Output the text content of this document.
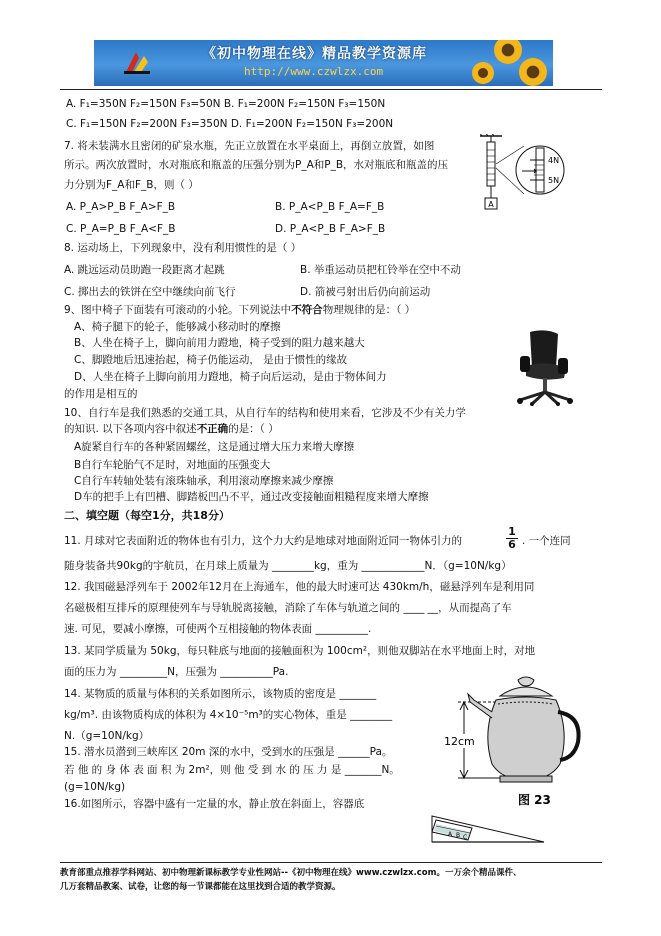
《初中物理在线》精品教学资源库
http://www.czwlzx.com
A. F₁=350N F₂=150N F₃=50N B. F₁=200N F₂=150N F₃=150N
C. F₁=150N F₂=200N F₃=350N D. F₁=200N F₂=150N F₃=200N
7. 将未装满水且密闭的矿泉水瓶，先正立放置在水平桌面上，再倒立放置，如图
所示。两次放置时，水对瓶底和瓶盖的压强分别为P_A和P_B，水对瓶底和瓶盖的压
力分别为F_A和F_B，则（ ）
A. P_A>P_B F_A>F_B	B. P_A<P_B F_A=F_B
C. P_A=P_B F_A<F_B	D. P_A<P_B F_A>F_B
A
4N
5N
8. 运动场上，下列现象中，没有利用惯性的是（ ）
A. 跳远运动员助跑一段距离才起跳	B. 举重运动员把杠铃举在空中不动
C. 掷出去的铁饼在空中继续向前飞行	D. 箭被弓射出后仍向前运动
9、图中椅子下面装有可滚动的小轮。下列说法中不符合物理规律的是：（ ）
A、椅子腿下的轮子，能够减小移动时的摩擦
B、人坐在椅子上，脚向前用力蹬地，椅子受到的阻力越来越大
C、脚蹬地后迅速抬起，椅子仍能运动， 是由于惯性的缘故
D、人坐在椅子上脚向前用力蹬地，椅子向后运动，是由于物体间力
的作用是相互的
10、自行车是我们熟悉的交通工具，从自行车的结构和使用来看，它涉及不少有关力学
的知识. 以下各项内容中叙述不正确的是：（ ）
A旋紧自行车的各种紧固螺丝，这是通过增大压力来增大摩擦
B自行车轮胎气不足时，对地面的压强变大
C自行车转轴处装有滚珠轴承，利用滚动摩擦来减少摩擦
D车的把手上有凹槽、脚踏板凹凸不平，通过改变接触面粗糙程度来增大摩擦
二、填空题（每空1分，共18分）
11. 月球对它表面附近的物体也有引力，这个力大约是地球对地面附近同一物体引力的	$\frac{1}{6}$ . 一个连同
随身装备共90kg的宇航员，在月球上质量为 ________kg，重为 ____________N．（g=10N/kg）
12. 我国磁悬浮列车于 2002年12月在上海通车，他的最大时速可达 430km/h，磁悬浮列车是利用同
名磁极相互排斥的原理使列车与导轨脱离接触，消除了车体与轨道之间的 ____ __，从而提高了车
速. 可见，要减小摩擦，可使两个互相接触的物体表面 __________.
13. 某同学质量为 50kg，每只鞋底与地面的接触面积为 100cm²，则他双脚站在水平地面上时，对地
面的压力为 _________N，压强为 __________Pa.
14. 某物质的质量与体积的关系如图所示，该物质的密度是 _______
kg/m³. 由该物质构成的体积为 4×10⁻⁵m³的实心物体，重是 ________
N.（g=10N/kg）
15. 潜水员潜到三峡库区 20m 深的水中，受到水的压强是 ______Pa。
若 他 的 身 体 表 面 积 为 2m²，则 他 受 到 水 的 压 力 是 _______N。
(g=10N/kg)
16.如图所示，容器中盛有一定量的水，静止放在斜面上，容器底
12cm
图 23
A B C
教育部重点推荐学科网站、初中物理新课标教学专业性网站--《初中物理在线》www.czwlzx.com。一万余个精品课件、
几万套精品教案、试卷，让您的每一节课都能在这里找到合适的教学资源。
